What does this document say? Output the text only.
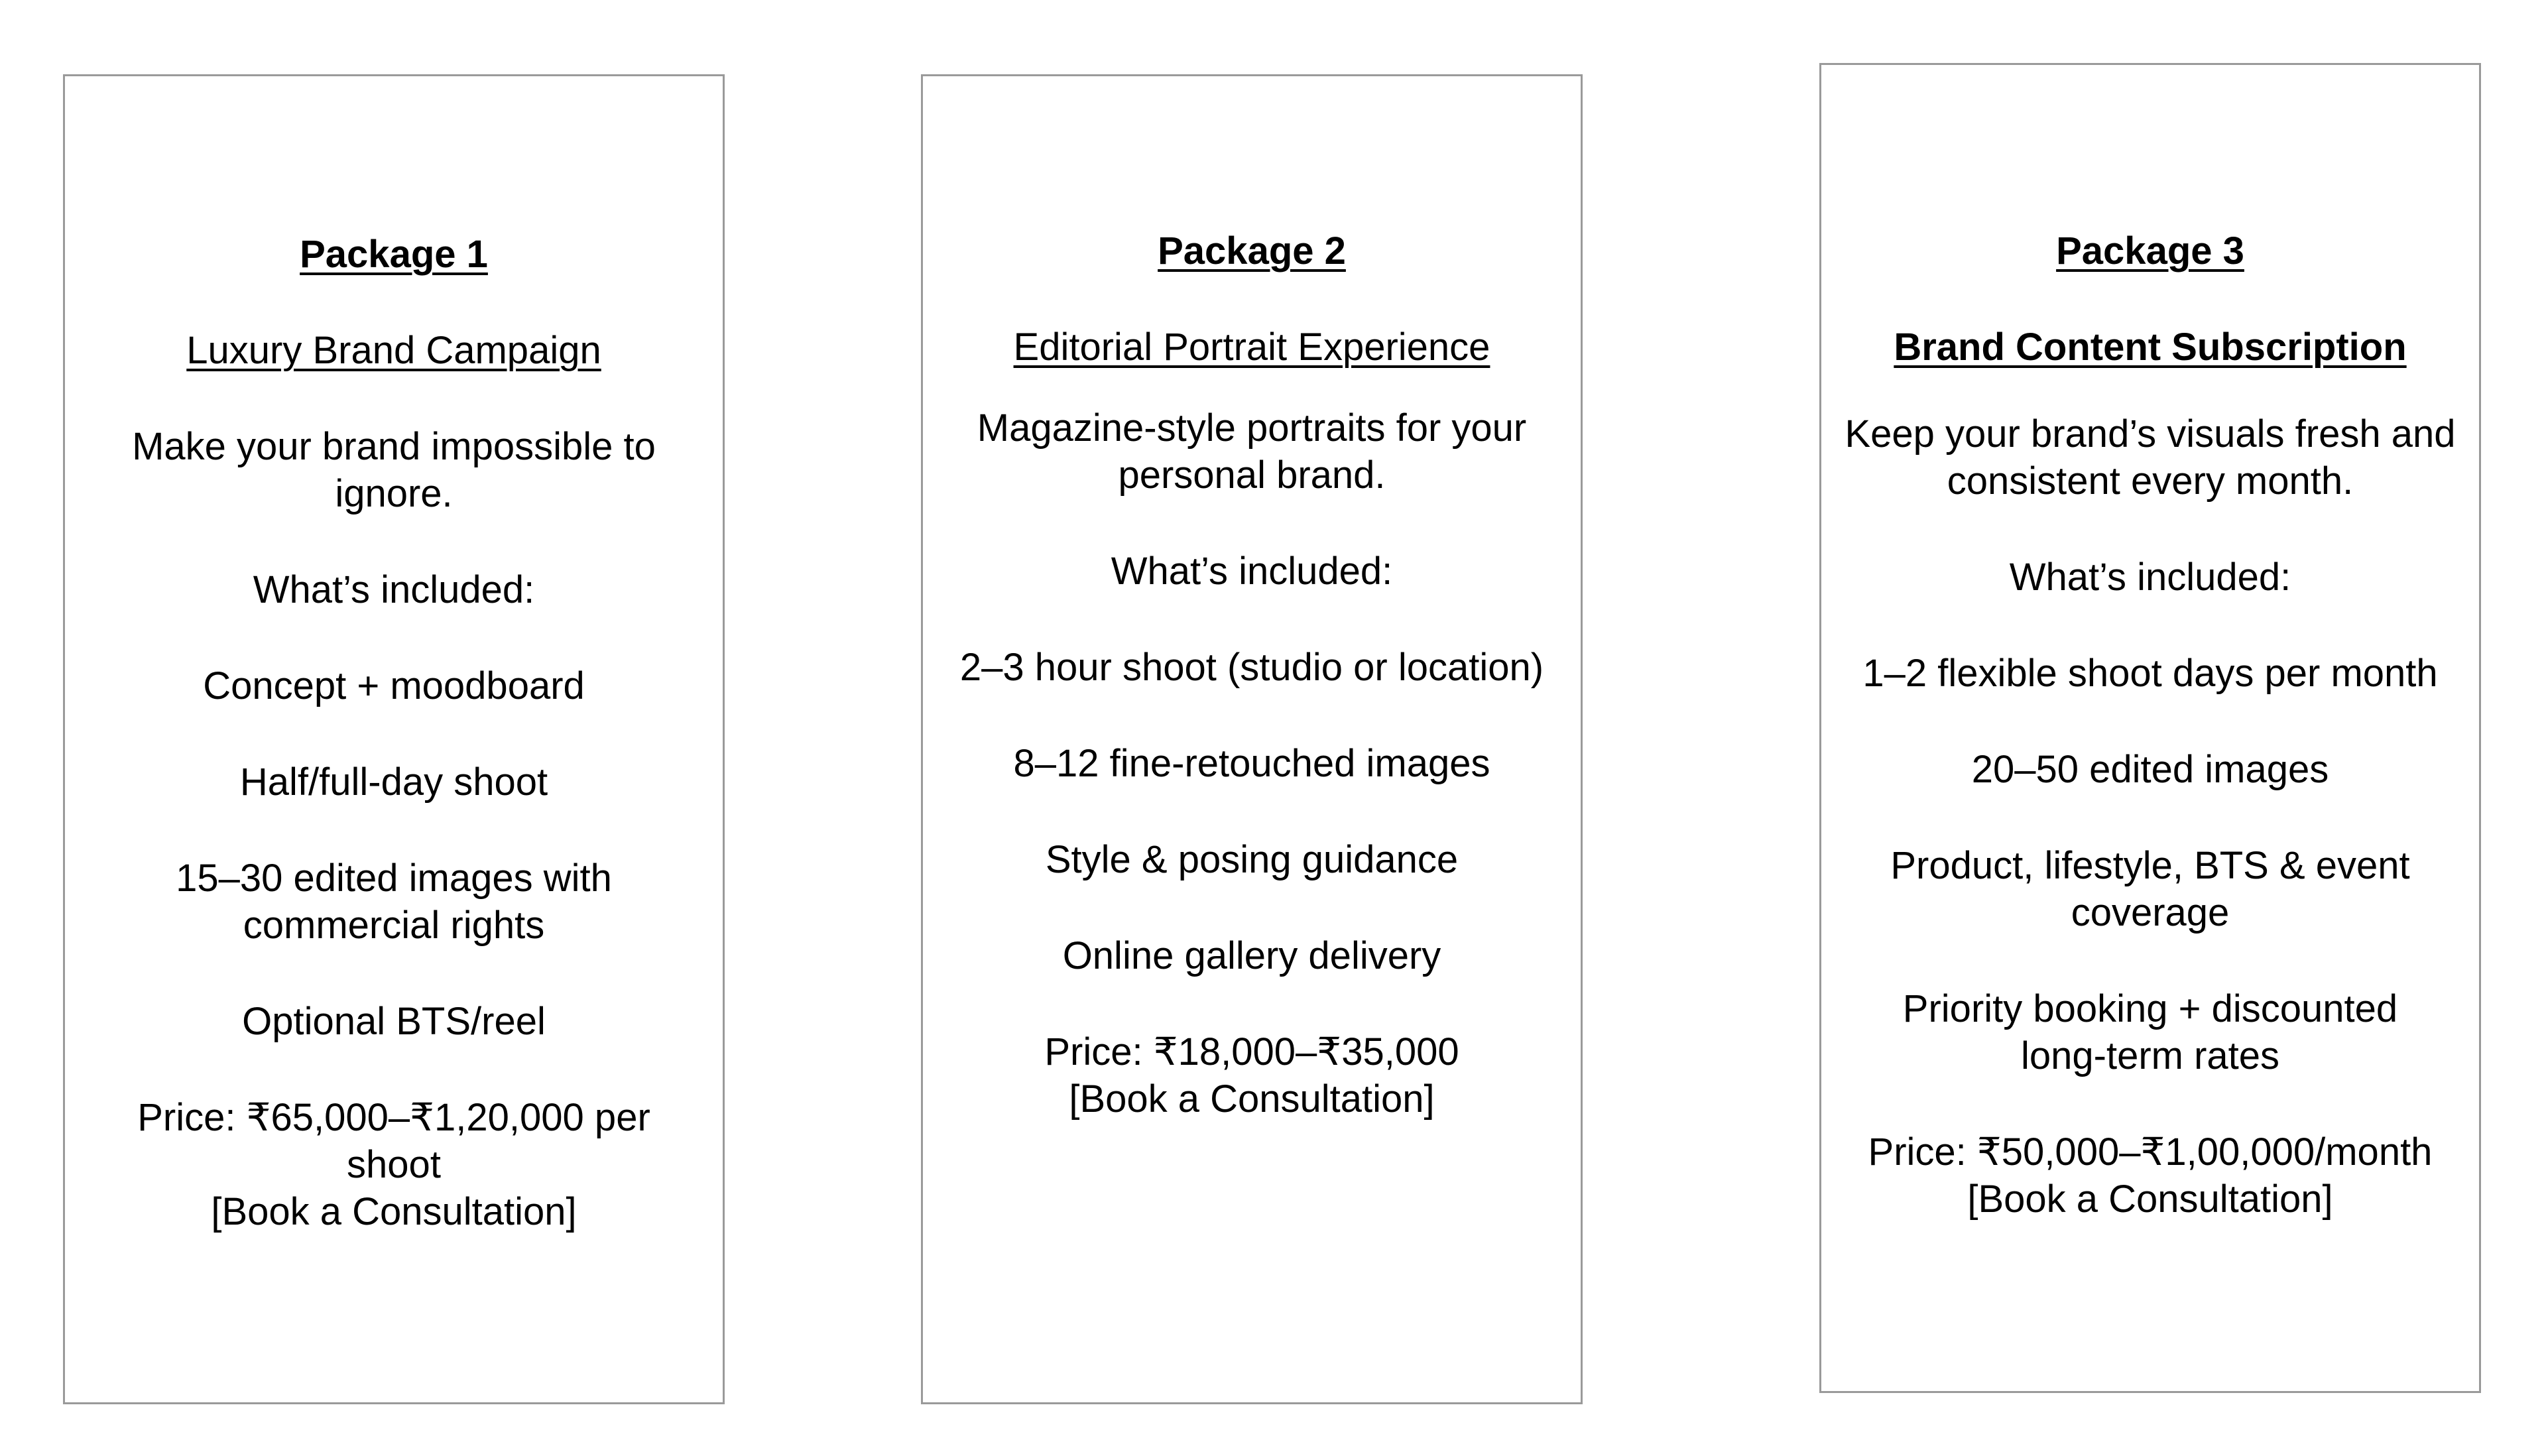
Package 1
Luxury Brand Campaign
Make your brand impossible to ignore.
What’s included:
Concept + moodboard
Half/full-day shoot
15–30 edited images with commercial rights
Optional BTS/reel
Price: ₹65,000–₹1,20,000 per shoot
[Book a Consultation]
Package 2
Editorial Portrait Experience
Magazine-style portraits for your personal brand.
What’s included:
2–3 hour shoot (studio or location)
8–12 fine-retouched images
Style & posing guidance
Online gallery delivery
Price: ₹18,000–₹35,000
[Book a Consultation]
Package 3
Brand Content Subscription
Keep your brand’s visuals fresh and consistent every month.
What’s included:
1–2 flexible shoot days per month
20–50 edited images
Product, lifestyle, BTS & event coverage
Priority booking + discounted long-term rates
Price: ₹50,000–₹1,00,000/month
[Book a Consultation]
